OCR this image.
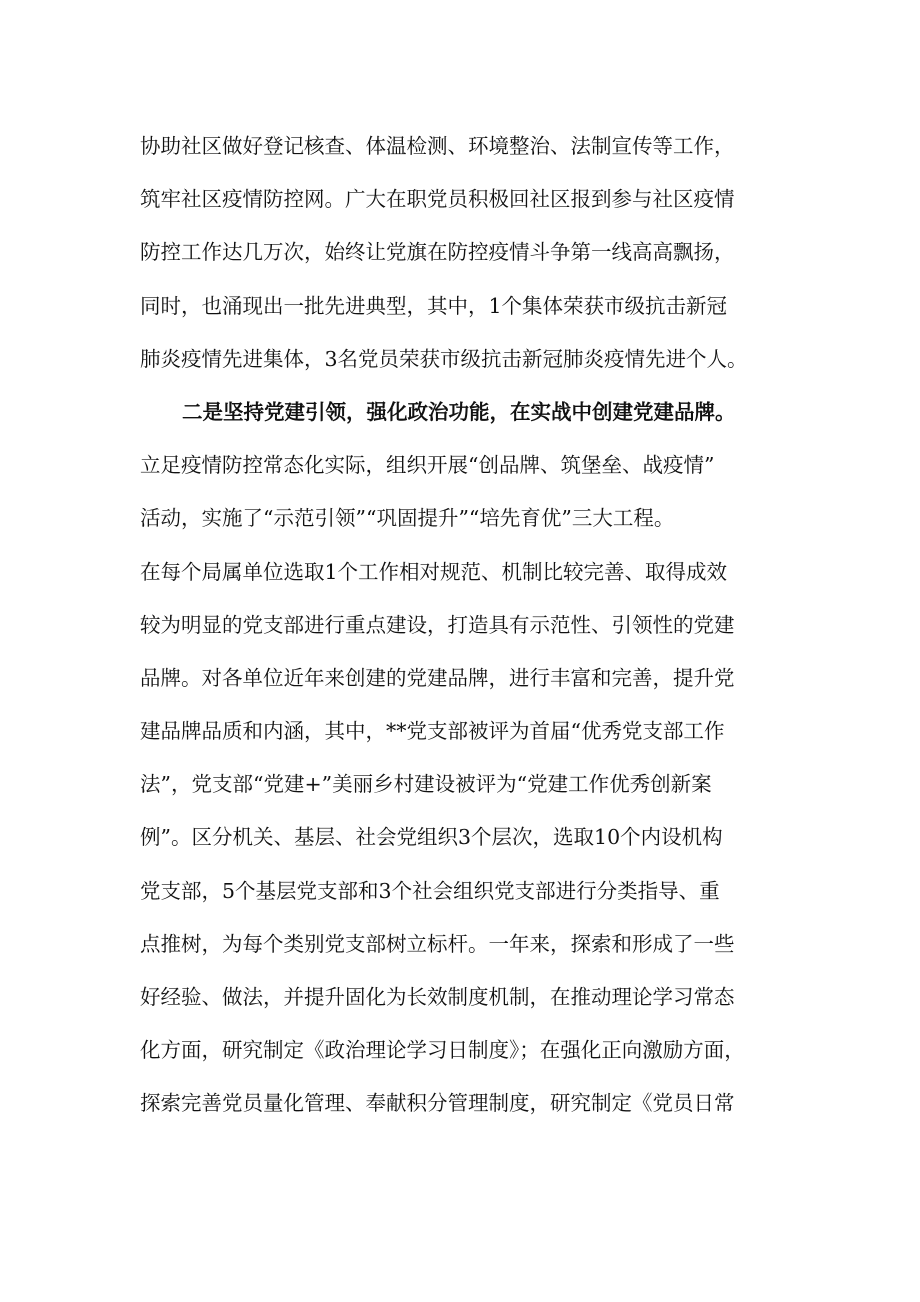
协助社区做好登记核查、体温检测、环境整治、法制宣传等工作，
筑牢社区疫情防控网。广大在职党员积极回社区报到参与社区疫情
防控工作达几万次，始终让党旗在防控疫情斗争第一线高高飘扬，
同时，也涌现出一批先进典型，其中，1个集体荣获市级抗击新冠
肺炎疫情先进集体，3名党员荣获市级抗击新冠肺炎疫情先进个人。
二是坚持党建引领，强化政治功能，在实战中创建党建品牌。
立足疫情防控常态化实际，组织开展“创品牌、筑堡垒、战疫情”
活动，实施了“示范引领”“巩固提升”“培先育优”三大工程。
在每个局属单位选取1个工作相对规范、机制比较完善、取得成效
较为明显的党支部进行重点建设，打造具有示范性、引领性的党建
品牌。对各单位近年来创建的党建品牌，进行丰富和完善，提升党
建品牌品质和内涵，其中，**党支部被评为首届“优秀党支部工作
法”，党支部“党建+”美丽乡村建设被评为“党建工作优秀创新案
例”。区分机关、基层、社会党组织3个层次，选取10个内设机构
党支部，5个基层党支部和3个社会组织党支部进行分类指导、重
点推树，为每个类别党支部树立标杆。一年来，探索和形成了一些
好经验、做法，并提升固化为长效制度机制，在推动理论学习常态
化方面，研究制定《政治理论学习日制度》；在强化正向激励方面，
探索完善党员量化管理、奉献积分管理制度，研究制定《党员日常
